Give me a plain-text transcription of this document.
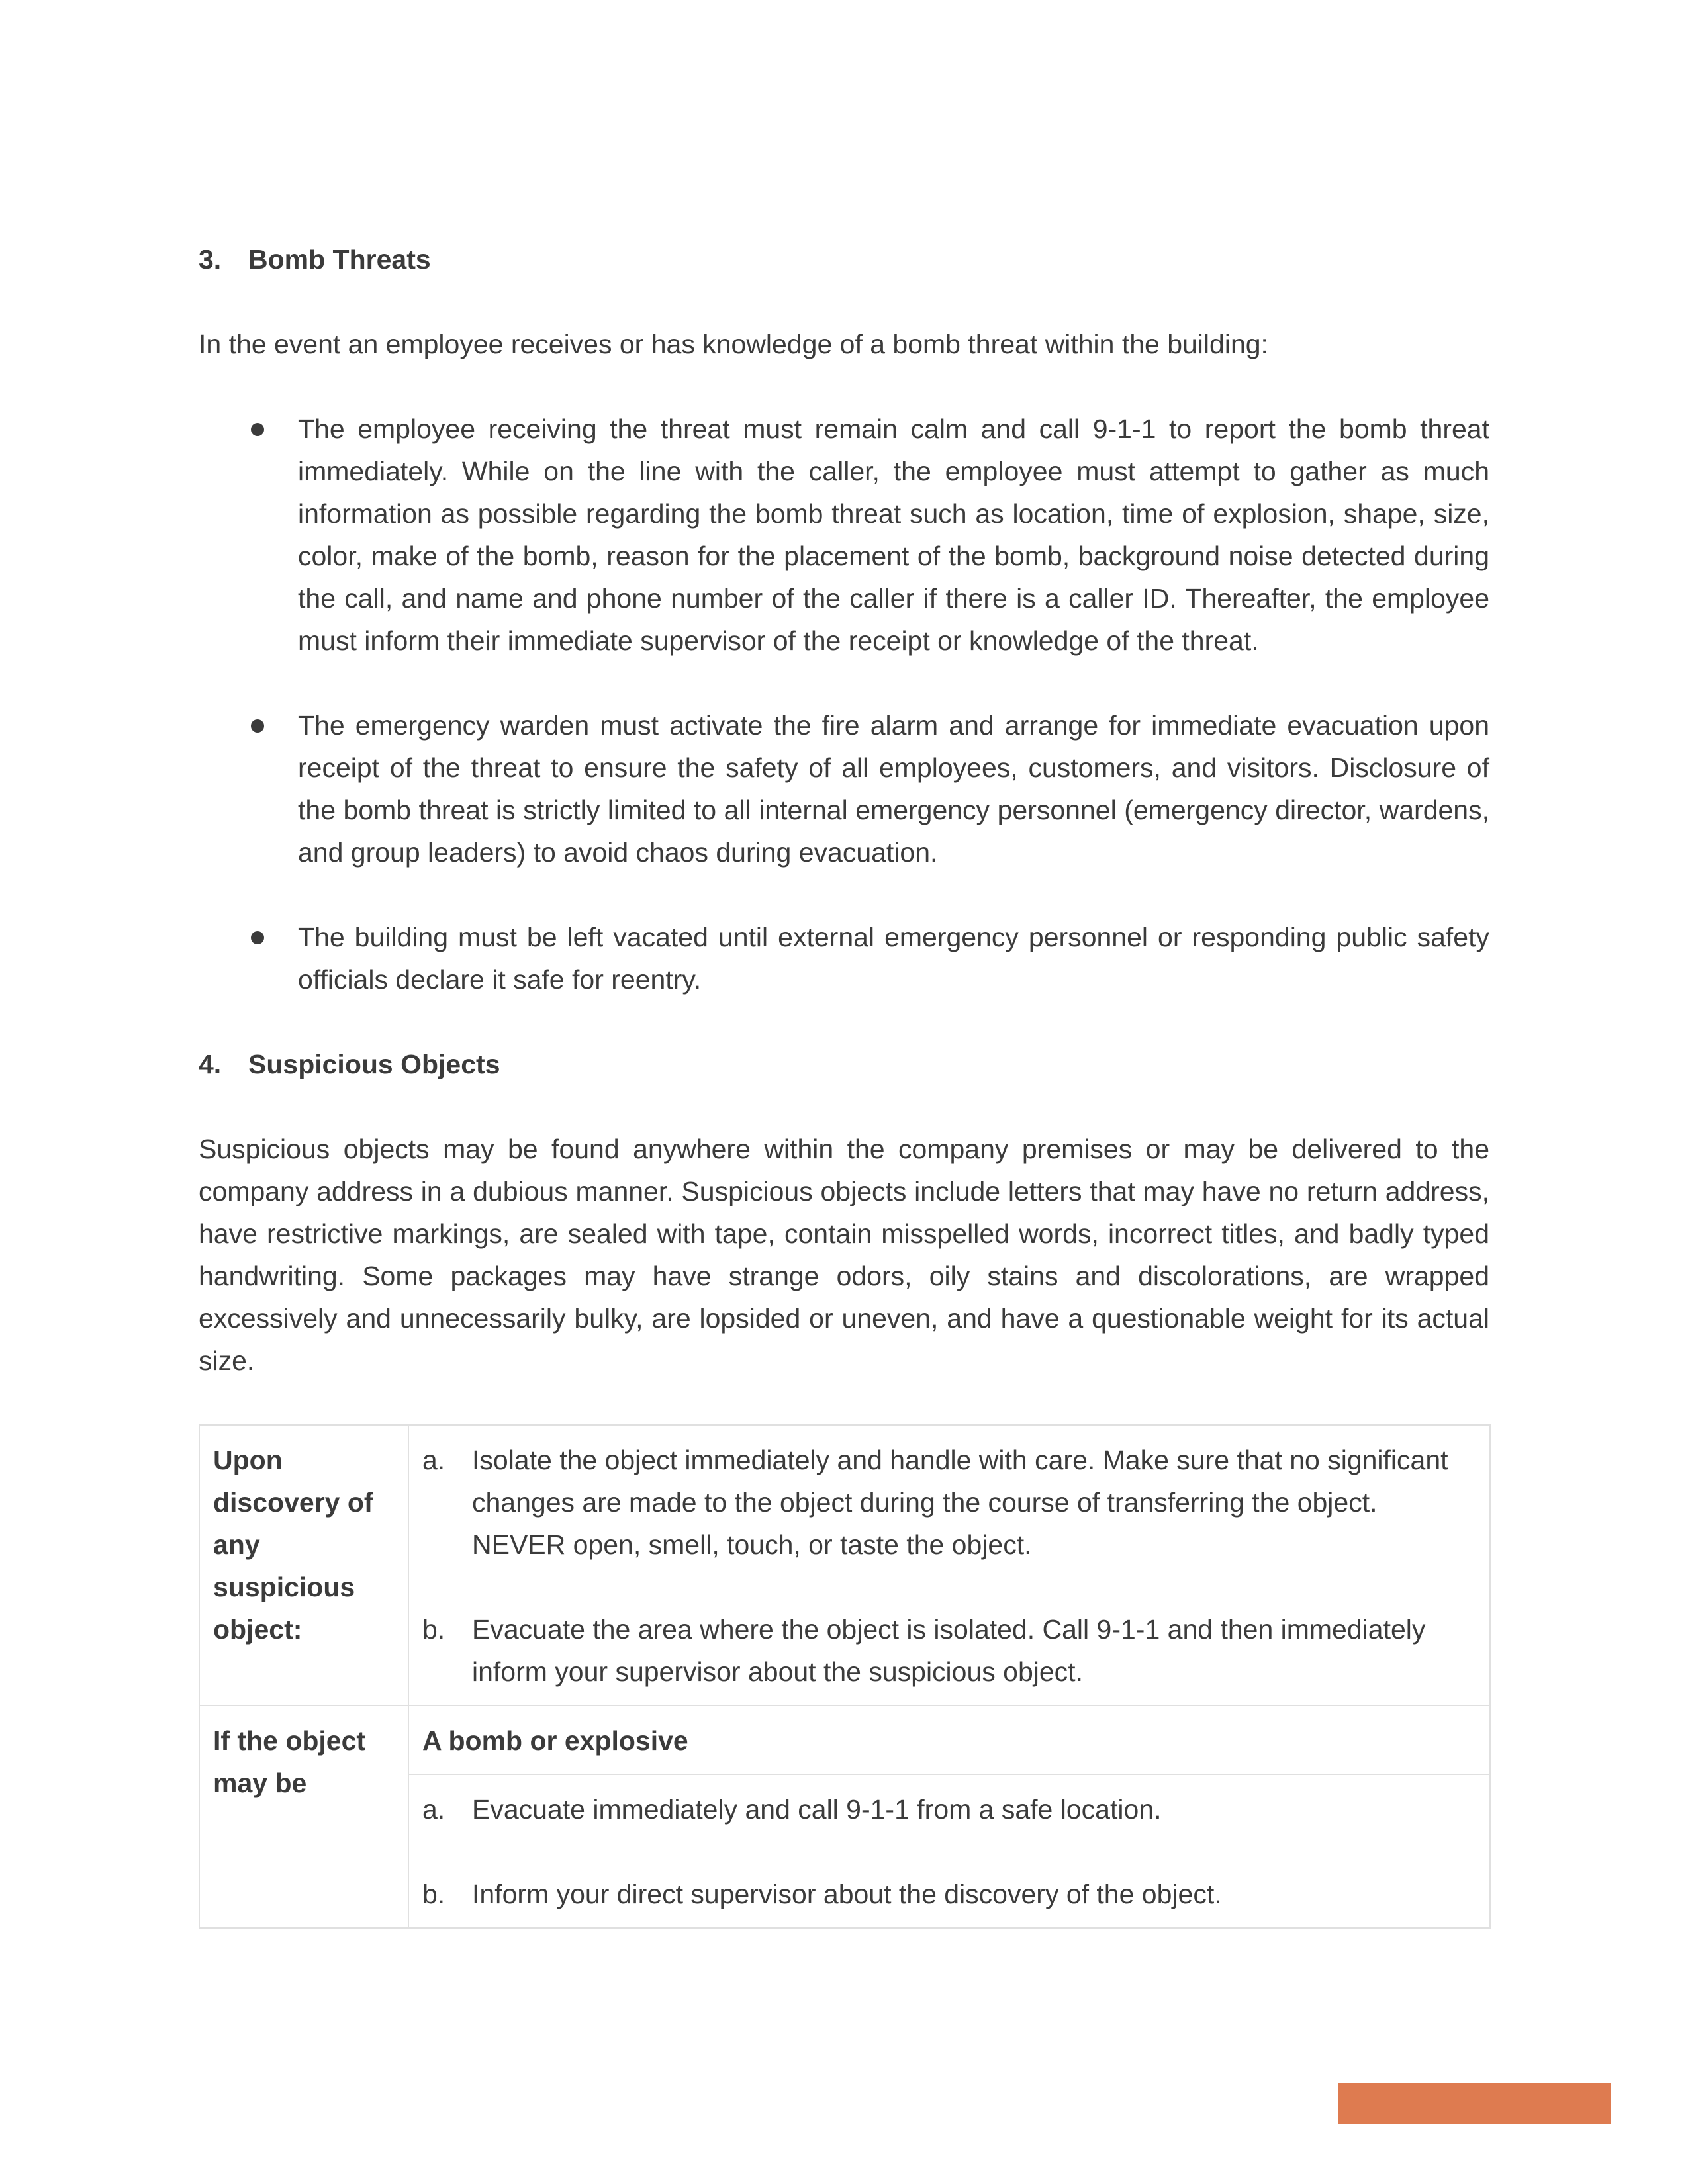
3. Bomb Threats

In the event an employee receives or has knowledge of a bomb threat within the building:

The employee receiving the threat must remain calm and call 9-1-1 to report the bomb threat immediately. While on the line with the caller, the employee must attempt to gather as much information as possible regarding the bomb threat such as location, time of explosion, shape, size, color, make of the bomb, reason for the placement of the bomb, background noise detected during the call, and name and phone number of the caller if there is a caller ID. Thereafter, the employee must inform their immediate supervisor of the receipt or knowledge of the threat.
The emergency warden must activate the fire alarm and arrange for immediate evacuation upon receipt of the threat to ensure the safety of all employees, customers, and visitors. Disclosure of the bomb threat is strictly limited to all internal emergency personnel (emergency director, wardens, and group leaders) to avoid chaos during evacuation.
The building must be left vacated until external emergency personnel or responding public safety officials declare it safe for reentry.
4. Suspicious Objects

Suspicious objects may be found anywhere within the company premises or may be delivered to the company address in a dubious manner. Suspicious objects include letters that may have no return address, have restrictive markings, are sealed with tape, contain misspelled words, incorrect titles, and badly typed handwriting. Some packages may have strange odors, oily stains and discolorations, are wrapped excessively and unnecessarily bulky, are lopsided or uneven, and have a questionable weight for its actual size.

Upon discovery of any suspicious object:	a. Isolate the object immediately and handle with care. Make sure that no significant changes are made to the object during the course of transferring the object. NEVER open, smell, touch, or taste the object.
b. Evacuate the area where the object is isolated. Call 9-1-1 and then immediately inform your supervisor about the suspicious object.

If the object may be	A bomb or explosive

	a. Evacuate immediately and call 9-1-1 from a safe location.
b. Inform your direct supervisor about the discovery of the object.
